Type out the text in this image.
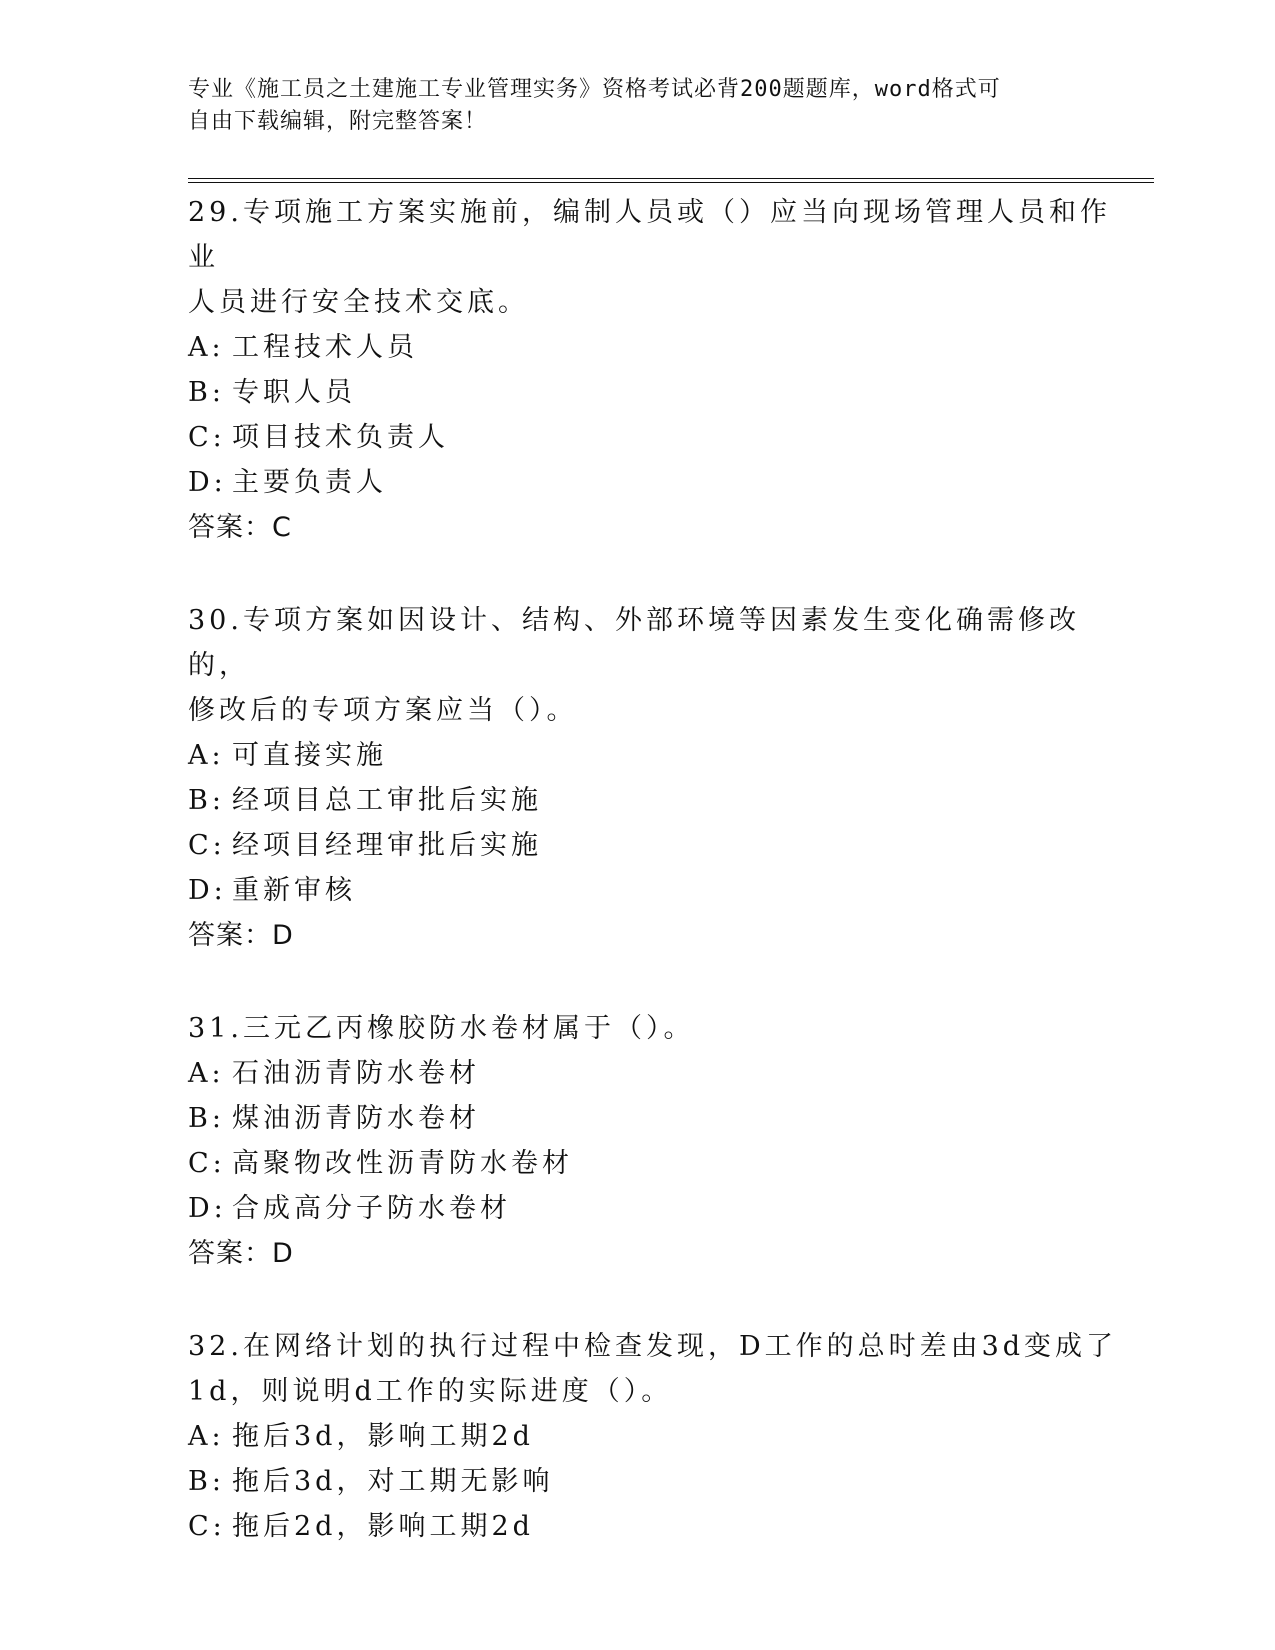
专业《施工员之土建施工专业管理实务》资格考试必背200题题库，word格式可
自由下载编辑，附完整答案！

29.专项施工方案实施前，编制人员或（）应当向现场管理人员和作业
人员进行安全技术交底。

A: 工程技术人员

B: 专职人员

C: 项目技术负责人

D: 主要负责人

答案：C

30.专项方案如因设计、结构、外部环境等因素发生变化确需修改的，
修改后的专项方案应当（）。

A: 可直接实施

B: 经项目总工审批后实施

C: 经项目经理审批后实施

D: 重新审核

答案：D

31.三元乙丙橡胶防水卷材属于（）。

A: 石油沥青防水卷材

B: 煤油沥青防水卷材

C: 高聚物改性沥青防水卷材

D: 合成高分子防水卷材

答案：D

32.在网络计划的执行过程中检查发现，D工作的总时差由3d变成了
1d，则说明d工作的实际进度（）。

A: 拖后3d，影响工期2d

B: 拖后3d，对工期无影响

C: 拖后2d，影响工期2d
